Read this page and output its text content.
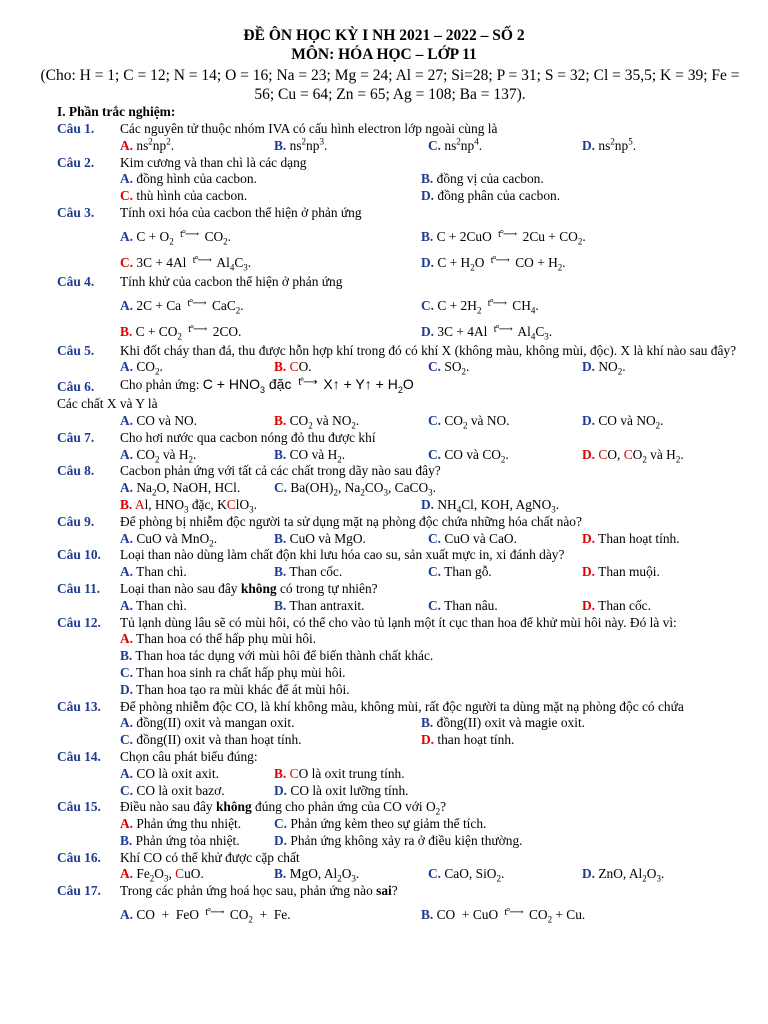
ĐỀ ÔN HỌC KỲ I NH 2021 – 2022 – SỐ 2
MÔN: HÓA HỌC – LỚP 11
(Cho: H = 1; C = 12; N = 14; O = 16; Na = 23; Mg = 24; Al = 27; Si=28; P = 31; S = 32; Cl = 35,5; K = 39; Fe = 56; Cu = 64; Zn = 65; Ag = 108; Ba = 137).
I. Phần trắc nghiệm:
Câu 1.	Các nguyên tử thuộc nhóm IVA có cấu hình electron lớp ngoài cùng là
A. $ns^2np^2$.	B. $ns^2np^3$.	C. $ns^2np^4$.	D. $ns^2np^5$.
Câu 2.	Kim cương và than chì là các dạng
A. đồng hình của cacbon.	B. đồng vị của cacbon.
C. thù hình của cacbon.	D. đồng phân của cacbon.
Câu 3.	Tính oxi hóa của cacbon thể hiện ở phản ứng
A. $C + O_2$ t°⟶ $CO_2$.	B. C + 2CuO t°⟶ $2Cu + CO_2$.
C. 3C + 4Al t°⟶ $Al_4C_3$.	D. $C + H_2O$ t°⟶ CO + $H_2$.
Câu 4.	Tính khử của cacbon thể hiện ở phản ứng
A. 2C + Ca t°⟶ CaC$_2$.	C. $C + 2H_2$ t°⟶ $CH_4$.
B. $C + CO_2$ t°⟶ 2CO.	D. 3C + 4Al t°⟶ $Al_4C_3$.
Câu 5.	Khi đốt cháy than đá, thu được hỗn hợp khí trong đó có khí X (không màu, không mùi, độc). X là khí nào sau đây?
A. $CO_2$.	B. CO.	C. $SO_2$.	D. $NO_2$.
Câu 6.	Cho phản ứng: $C + HNO_3$ đặc t°⟶ X↑ + Y↑ + $H_2O$
Các chất X và Y là
A. CO và NO.	B. $CO_2$ và $NO_2$.	C. $CO_2$ và NO.	D. CO và $NO_2$.
Câu 7.	Cho hơi nước qua cacbon nóng đỏ thu được khí
A. $CO_2$ và $H_2$.	B. CO và $H_2$.	C. CO và $CO_2$.	D. CO, $CO_2$ và $H_2$.
Câu 8.	Cacbon phản ứng với tất cả các chất trong dãy nào sau đây?
A. $Na_2O$, NaOH, HCl.	C. $Ba(OH)_2$, $Na_2CO_3$, CaCO$_3$.
B. Al, $HNO_3$ đặc, KClO$_3$.	D. $NH_4Cl$, KOH, AgNO$_3$.
Câu 9.	Để phòng bị nhiễm độc người ta sử dụng mặt nạ phòng độc chứa những hóa chất nào?
A. CuO và MnO$_2$.	B. CuO và MgO.	C. CuO và CaO.	D. Than hoạt tính.
Câu 10.	Loại than nào dùng làm chất độn khi lưu hóa cao su, sản xuất mực in, xi đánh dày?
A. Than chì.	B. Than cốc.	C. Than gỗ.	D. Than muội.
Câu 11.	Loại than nào sau đây không có trong tự nhiên?
A. Than chì.	B. Than antraxit.	C. Than nâu.	D. Than cốc.
Câu 12.	Tủ lạnh dùng lâu sẽ có mùi hôi, có thể cho vào tủ lạnh một ít cục than hoa để khử mùi hôi này. Đó là vì:
A. Than hoa có thể hấp phụ mùi hôi.
B. Than hoa tác dụng với mùi hôi để biến thành chất khác.
C. Than hoa sinh ra chất hấp phụ mùi hôi.
D. Than hoa tạo ra mùi khác để át mùi hôi.
Câu 13.	Để phòng nhiễm độc CO, là khí không màu, không mùi, rất độc người ta dùng mặt nạ phòng độc có chứa
A. đồng(II) oxit và mangan oxit.	B. đồng(II) oxit và magie oxit.
C. đồng(II) oxit và than hoạt tính.	D. than hoạt tính.
Câu 14.	Chọn câu phát biểu đúng:
A. CO là oxit axit.	B. CO là oxit trung tính.
C. CO là oxit bazơ.	D. CO là oxit lưỡng tính.
Câu 15.	Điều nào sau đây không đúng cho phản ứng của CO với $O_2$?
A. Phản ứng thu nhiệt.	C. Phản ứng kèm theo sự giảm thể tích.
B. Phản ứng tỏa nhiệt.	D. Phản ứng không xảy ra ở điều kiện thường.
Câu 16.	Khí CO có thể khử được cặp chất
A. $Fe_2O_3$, CuO.	B. MgO, $Al_2O_3$.	C. CaO, SiO$_2$.	D. ZnO, $Al_2O_3$.
Câu 17.	Trong các phản ứng hoá học sau, phản ứng nào sai?
A. CO  +  FeO t°⟶ $CO_2 + Fe$.	B. CO  + CuO t°⟶ $CO_2 + Cu$.
